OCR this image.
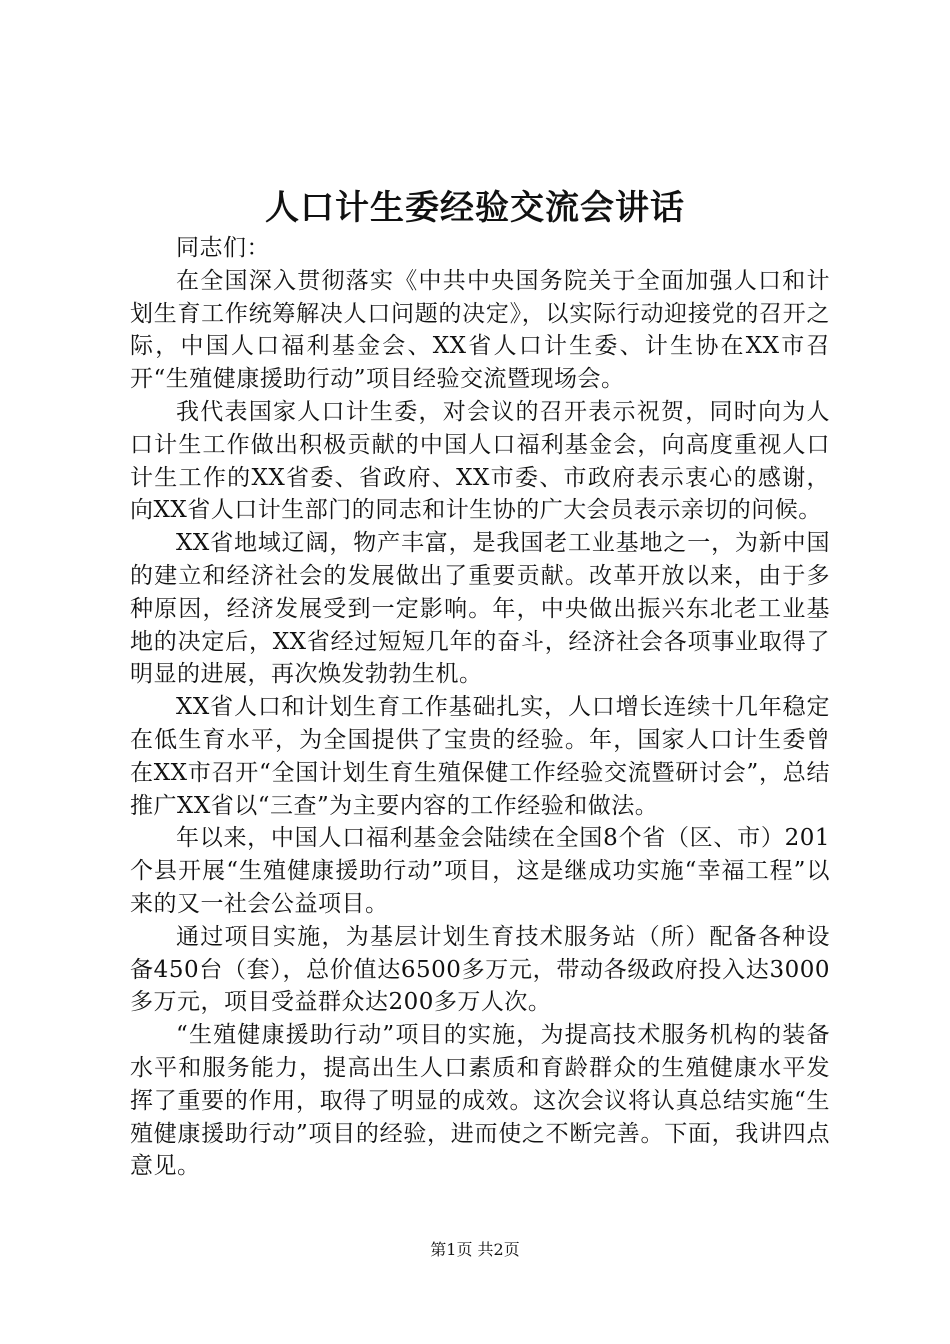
人口计生委经验交流会讲话

同志们：

在全国深入贯彻落实《中共中央国务院关于全面加强人口和计划生育工作统筹解决人口问题的决定》，以实际行动迎接党的召开之际，中国人口福利基金会、XX省人口计生委、计生协在XX市召开“生殖健康援助行动”项目经验交流暨现场会。

我代表国家人口计生委，对会议的召开表示祝贺，同时向为人口计生工作做出积极贡献的中国人口福利基金会，向高度重视人口计生工作的XX省委、省政府、XX市委、市政府表示衷心的感谢，向XX省人口计生部门的同志和计生协的广大会员表示亲切的问候。

XX省地域辽阔，物产丰富，是我国老工业基地之一，为新中国的建立和经济社会的发展做出了重要贡献。改革开放以来，由于多种原因，经济发展受到一定影响。年，中央做出振兴东北老工业基地的决定后，XX省经过短短几年的奋斗，经济社会各项事业取得了明显的进展，再次焕发勃勃生机。

XX省人口和计划生育工作基础扎实，人口增长连续十几年稳定在低生育水平，为全国提供了宝贵的经验。年，国家人口计生委曾在XX市召开“全国计划生育生殖保健工作经验交流暨研讨会”，总结推广XX省以“三查”为主要内容的工作经验和做法。

年以来，中国人口福利基金会陆续在全国8个省（区、市）201个县开展“生殖健康援助行动”项目，这是继成功实施“幸福工程”以来的又一社会公益项目。

通过项目实施，为基层计划生育技术服务站（所）配备各种设备450台（套），总价值达6500多万元，带动各级政府投入达3000多万元，项目受益群众达200多万人次。

“生殖健康援助行动”项目的实施，为提高技术服务机构的装备水平和服务能力，提高出生人口素质和育龄群众的生殖健康水平发挥了重要的作用，取得了明显的成效。这次会议将认真总结实施“生殖健康援助行动”项目的经验，进而使之不断完善。下面，我讲四点意见。

第1页 共2页
